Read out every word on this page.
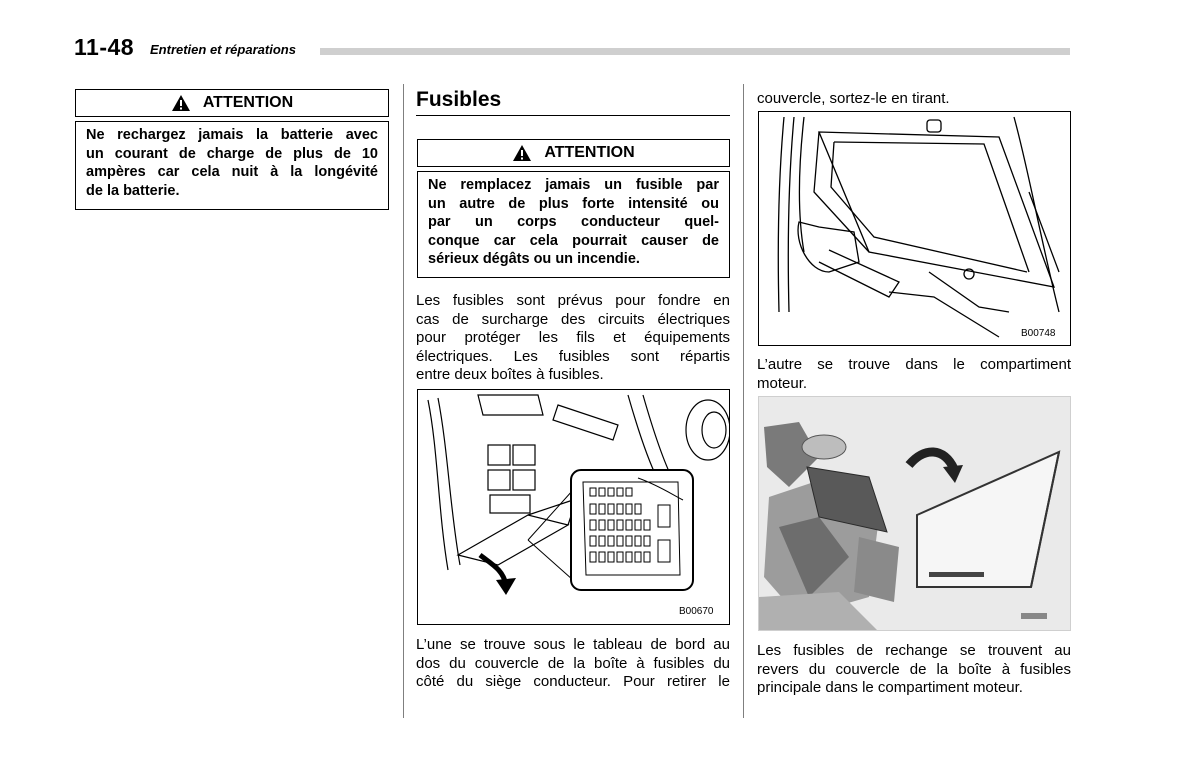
11-48 Entretien et réparations
ATTENTION
Ne rechargez jamais la batterie avec
un courant de charge de plus de 10
ampères car cela nuit à la longévité
de la batterie.
Fusibles
ATTENTION
Ne remplacez jamais un fusible par
un autre de plus forte intensité ou
par un corps conducteur quel-
conque car cela pourrait causer de
sérieux dégâts ou un incendie.
Les fusibles sont prévus pour fondre en
cas de surcharge des circuits électriques
pour protéger les fils et équipements
électriques. Les fusibles sont répartis
entre deux boîtes à fusibles.
B00670
L’une se trouve sous le tableau de bord au
dos du couvercle de la boîte à fusibles du
côté du siège conducteur. Pour retirer le
couvercle, sortez-le en tirant.
B00748
L’autre se trouve dans le compartiment
moteur.
Les fusibles de rechange se trouvent au
revers du couvercle de la boîte à fusibles
principale dans le compartiment moteur.
